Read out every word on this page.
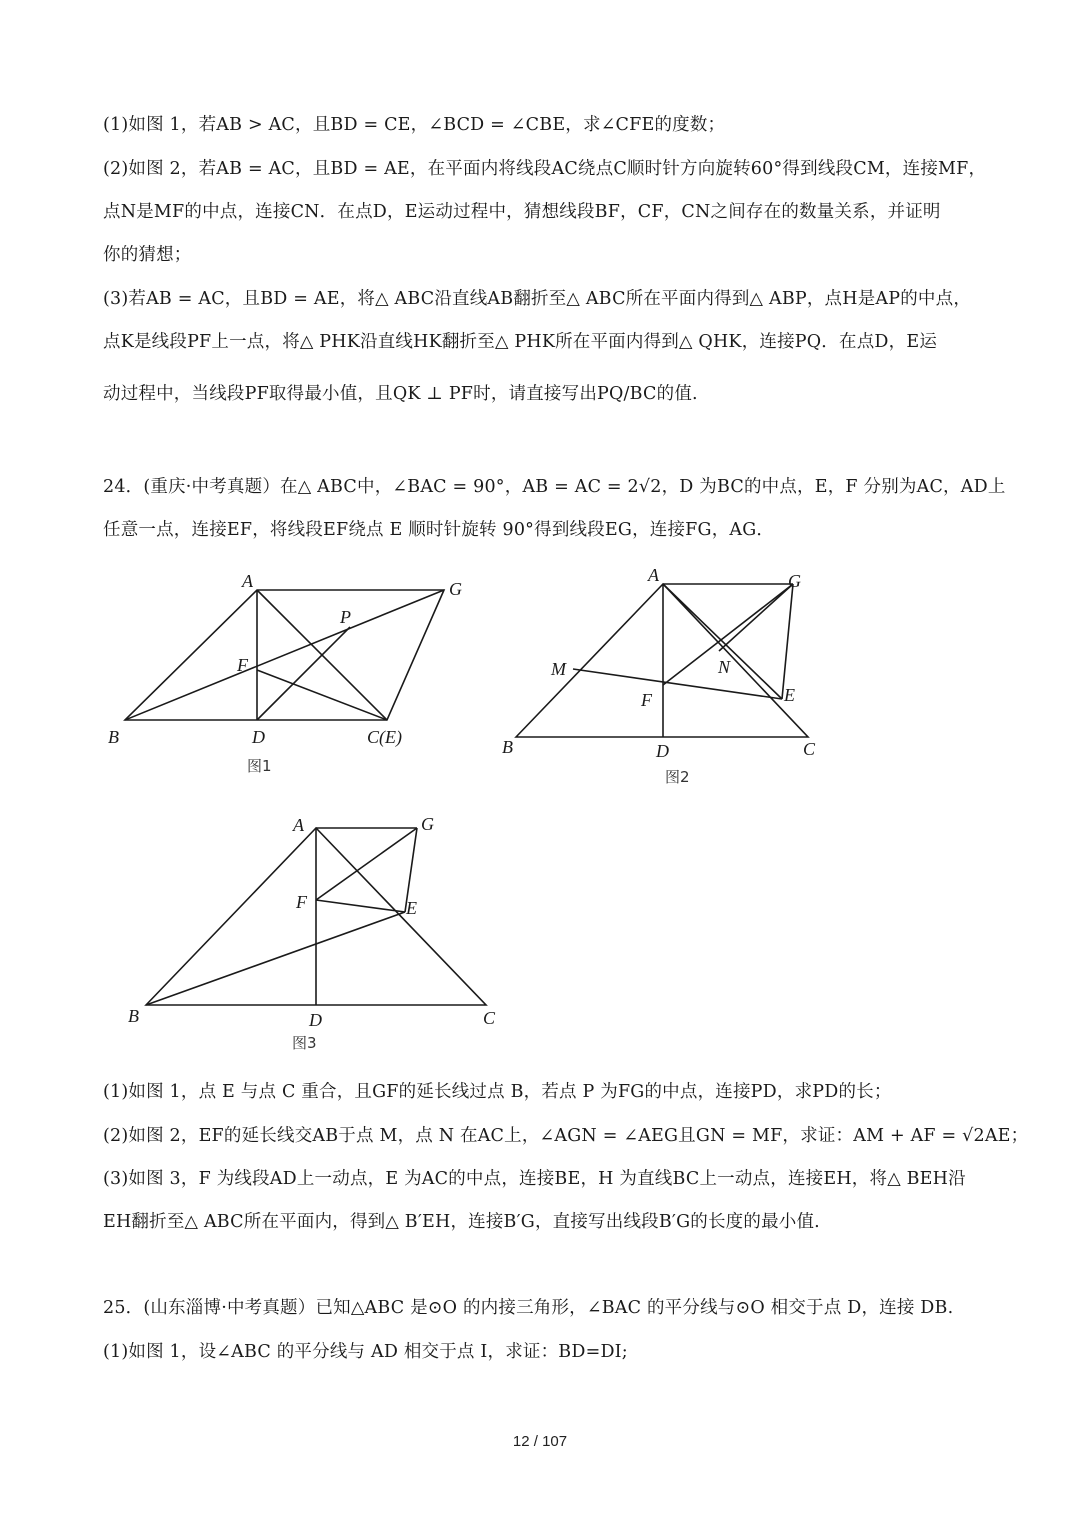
(1)如图 1，若AB > AC，且BD = CE，∠BCD = ∠CBE，求∠CFE的度数；
(2)如图 2，若AB = AC，且BD = AE，在平面内将线段AC绕点C顺时针方向旋转60°得到线段CM，连接MF，
点N是MF的中点，连接CN．在点D，E运动过程中，猜想线段BF，CF，CN之间存在的数量关系，并证明
你的猜想；
(3)若AB = AC，且BD = AE，将△ ABC沿直线AB翻折至△ ABC所在平面内得到△ ABP，点H是AP的中点，
点K是线段PF上一点，将△ PHK沿直线HK翻折至△ PHK所在平面内得到△ QHK，连接PQ．在点D，E运
动过程中，当线段PF取得最小值，且QK ⊥ PF时，请直接写出PQ/BC的值.
24．(重庆·中考真题）在△ ABC中，∠BAC = 90°，AB = AC = 2√2，D 为BC的中点，E，F 分别为AC，AD上
任意一点，连接EF，将线段EF绕点 E 顺时针旋转 90°得到线段EG，连接FG，AG．
A	G
P
F
B	D	C(E)
图1
A	G
M	N
F	E
B	D	C
图2
A	G
F	E
B	D	C
图3
(1)如图 1，点 E 与点 C 重合，且GF的延长线过点 B，若点 P 为FG的中点，连接PD，求PD的长；
(2)如图 2，EF的延长线交AB于点 M，点 N 在AC上，∠AGN = ∠AEG且GN = MF，求证：AM + AF = √2AE；
(3)如图 3，F 为线段AD上一动点，E 为AC的中点，连接BE，H 为直线BC上一动点，连接EH，将△ BEH沿
EH翻折至△ ABC所在平面内，得到△ B′EH，连接B′G，直接写出线段B′G的长度的最小值.
25．(山东淄博·中考真题）已知△ABC 是⊙O 的内接三角形，∠BAC 的平分线与⊙O 相交于点 D，连接 DB.
(1)如图 1，设∠ABC 的平分线与 AD 相交于点 I，求证：BD=DI;
12 / 107
